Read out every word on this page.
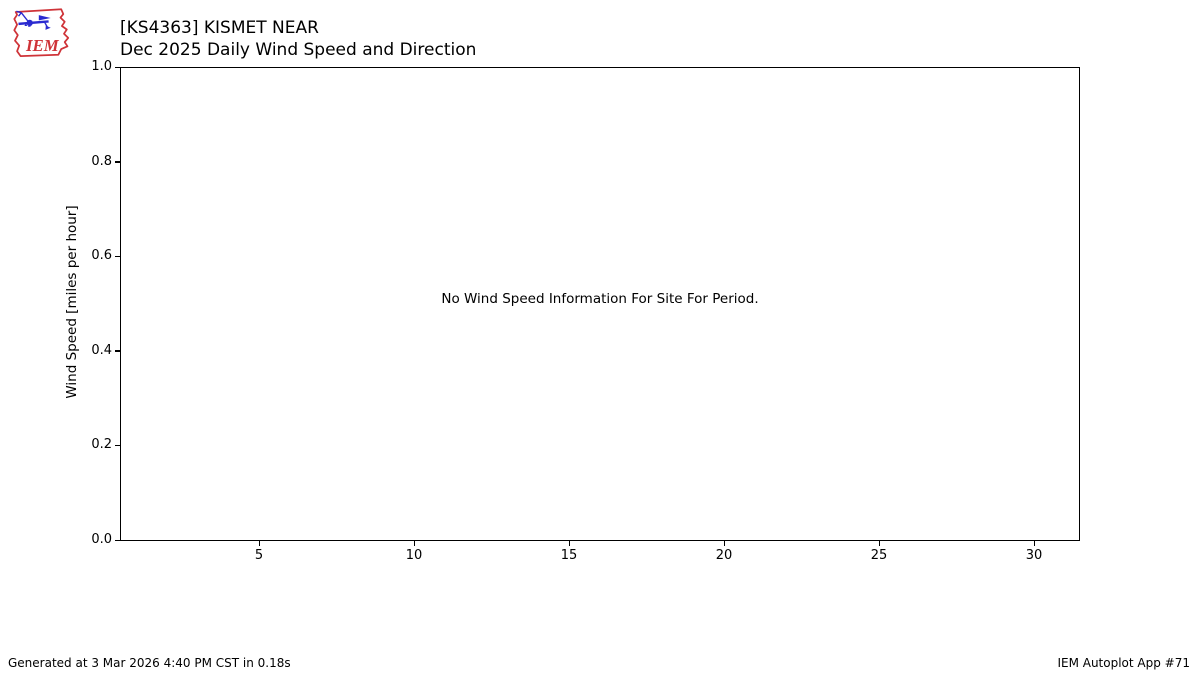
IEM
[KS4363] KISMET NEAR
Dec 2025 Daily Wind Speed and Direction
Wind Speed [miles per hour]
1.0
0.8
0.6
0.4
0.2
0.0
5	10	15	20	25	30
No Wind Speed Information For Site For Period.
Generated at 3 Mar 2026 4:40 PM CST in 0.18s	IEM Autoplot App #71
